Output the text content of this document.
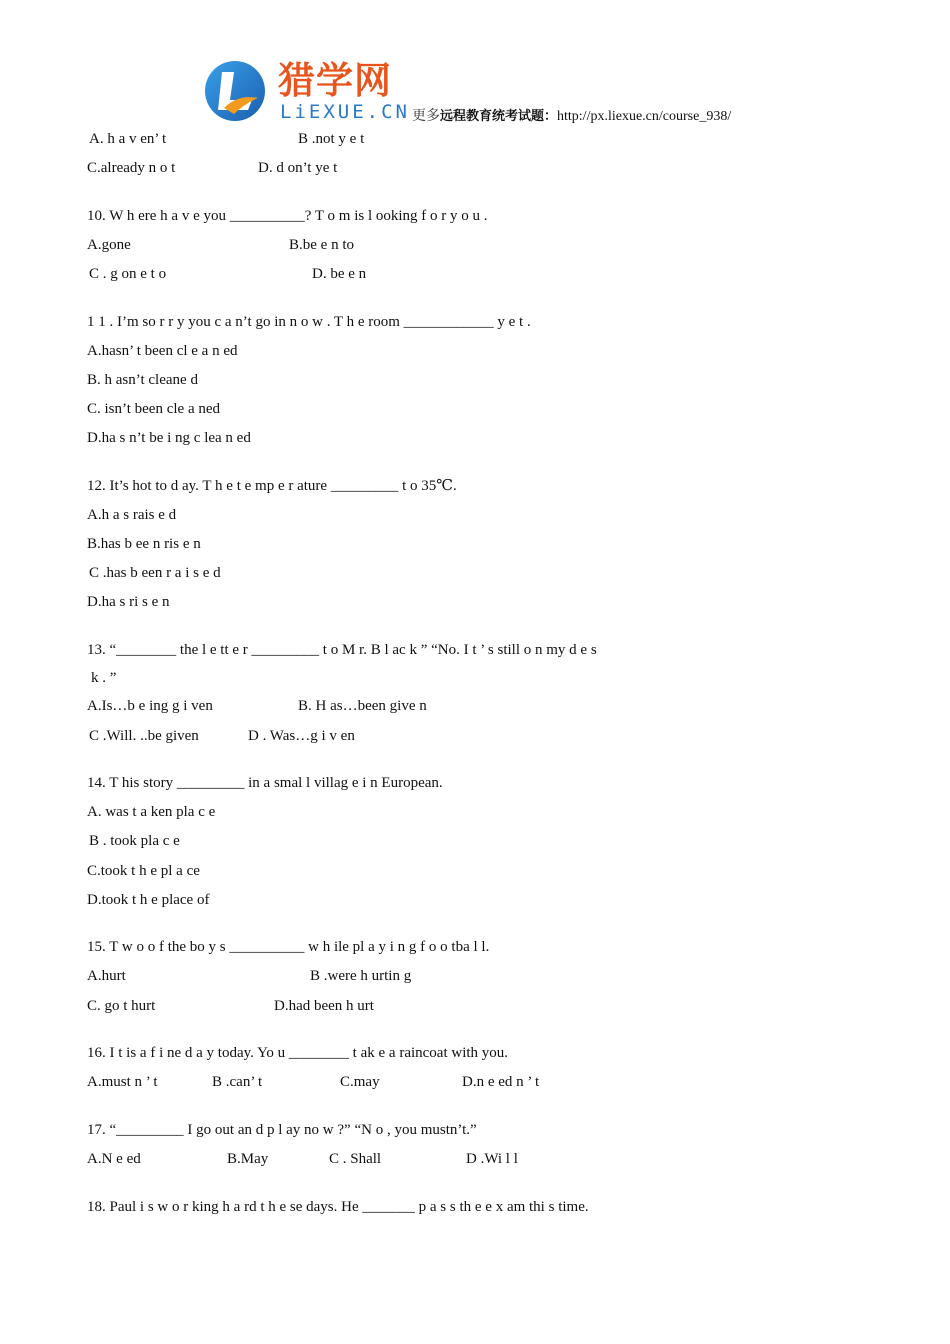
猎学网
LiEXUE.CN 更多远程教育统考试题：http://px.liexue.cn/course_938/
A. h a v en’ t	B .not y e t
C.already n o t	D. d on’t ye t
10. W h ere h a v e you __________? T o m is l ooking f o r y o u .
A.gone	B.be e n to
C . g on e t o	D. be e n
1 1 . I’m so r r y you c a n’t go in n o w . T h e room ____________ y e t .
A.hasn’ t been cl e a n ed
B. h asn’t cleane d
C. isn’t been cle a ned
D.ha s n’t be i ng c lea n ed
12. It’s hot to d ay. T h e t e mp e r ature _________ t o 35℃.
A.h a s rais e d
B.has b ee n ris e n
C .has b een r a i s e d
D.ha s ri s e n
13. “________ the l e tt e r _________ t o M r. B l ac k ” “No. I t ’ s still o n my d e s
k . ”
A.Is…b e ing g i ven	B. H as…been give n
C .Will. ..be given	D . Was…g i v en
14. T his story _________ in a smal l villag e i n European.
A. was t a ken pla c e
B . took pla c e
C.took t h e pl a ce
D.took t h e place of
15. T w o o f the bo y s __________ w h ile pl a y i n g f o o tba l l.
A.hurt	B .were h urtin g
C. go t hurt	D.had been h urt
16. I t is a f i ne d a y today. Yo u ________ t ak e a raincoat with you.
A.must n ’ t	B .can’ t	C.may	D.n e ed n ’ t
17. “_________ I go out an d p l ay no w ?” “N o , you mustn’t.”
A.N e ed	B.May	C . Shall	D .Wi l l
18. Paul i s w o r king h a rd t h e se days. He _______ p a s s th e e x am thi s time.
